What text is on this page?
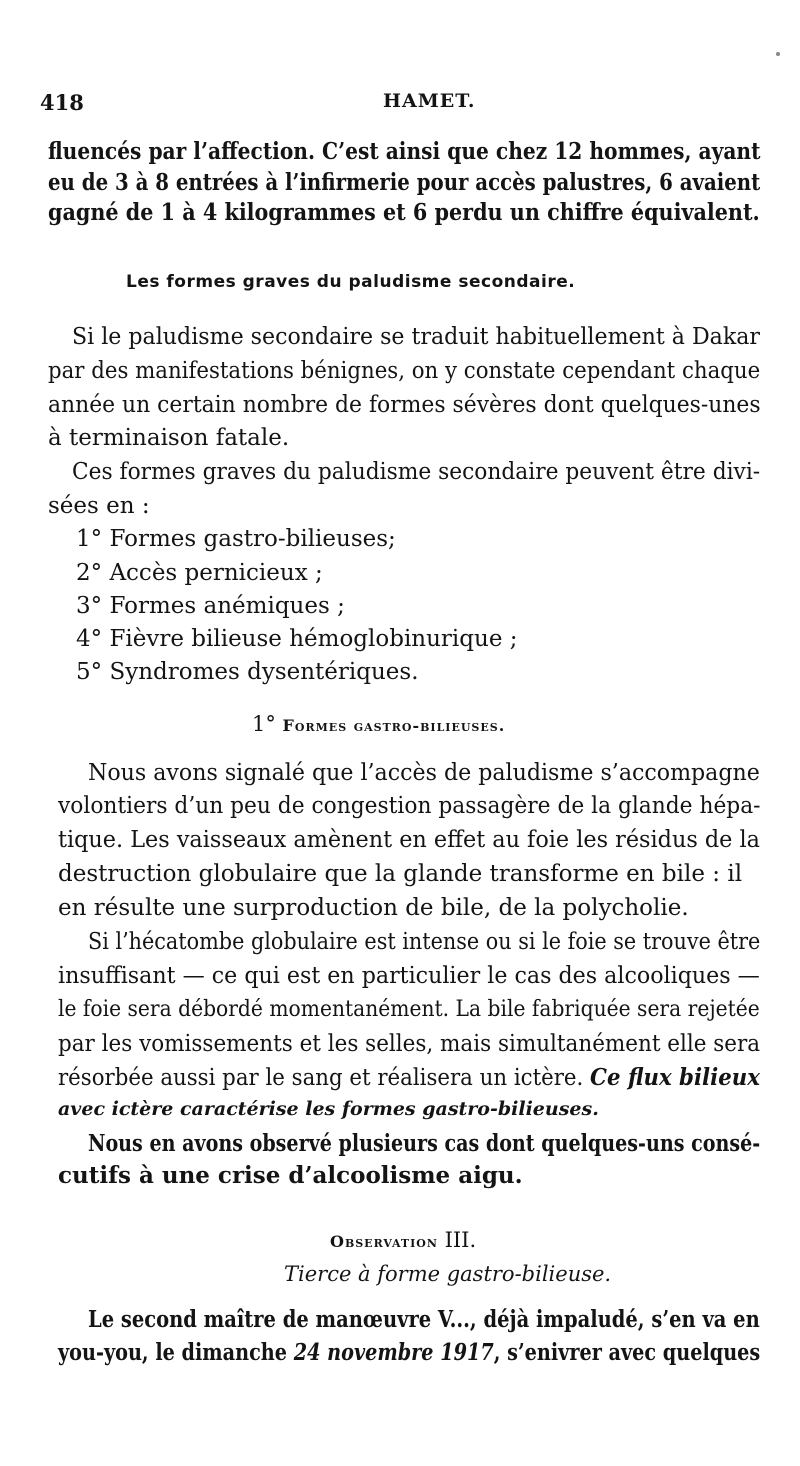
418	HAMET.
fluencés par l’affection. C’est ainsi que chez 12 hommes, ayant
eu de 3 à 8 entrées à l’infirmerie pour accès palustres, 6 avaient
gagné de 1 à 4 kilogrammes et 6 perdu un chiffre équivalent.
Les formes graves du paludisme secondaire.
Si le paludisme secondaire se traduit habituellement à Dakar
par des manifestations bénignes, on y constate cependant chaque
année un certain nombre de formes sévères dont quelques-unes
à terminaison fatale.
Ces formes graves du paludisme secondaire peuvent être divi-
sées en :
1° Formes gastro-bilieuses;
2° Accès pernicieux ;
3° Formes anémiques ;
4° Fièvre bilieuse hémoglobinurique ;
5° Syndromes dysentériques.
1° Formes gastro-bilieuses.
Nous avons signalé que l’accès de paludisme s’accompagne
volontiers d’un peu de congestion passagère de la glande hépa-
tique. Les vaisseaux amènent en effet au foie les résidus de la
destruction globulaire que la glande transforme en bile : il
en résulte une surproduction de bile, de la polycholie.
Si l’hécatombe globulaire est intense ou si le foie se trouve être
insuffisant — ce qui est en particulier le cas des alcooliques —
le foie sera débordé momentanément. La bile fabriquée sera rejetée
par les vomissements et les selles, mais simultanément elle sera
résorbée aussi par le sang et réalisera un ictère. Ce flux bilieux
avec ictère caractérise les formes gastro-bilieuses.
Nous en avons observé plusieurs cas dont quelques-uns consé-
cutifs à une crise d’alcoolisme aigu.
Observation III.
Tierce à forme gastro-bilieuse.
Le second maître de manœuvre V..., déjà impaludé, s’en va en
you-you, le dimanche 24 novembre 1917, s’enivrer avec quelques
